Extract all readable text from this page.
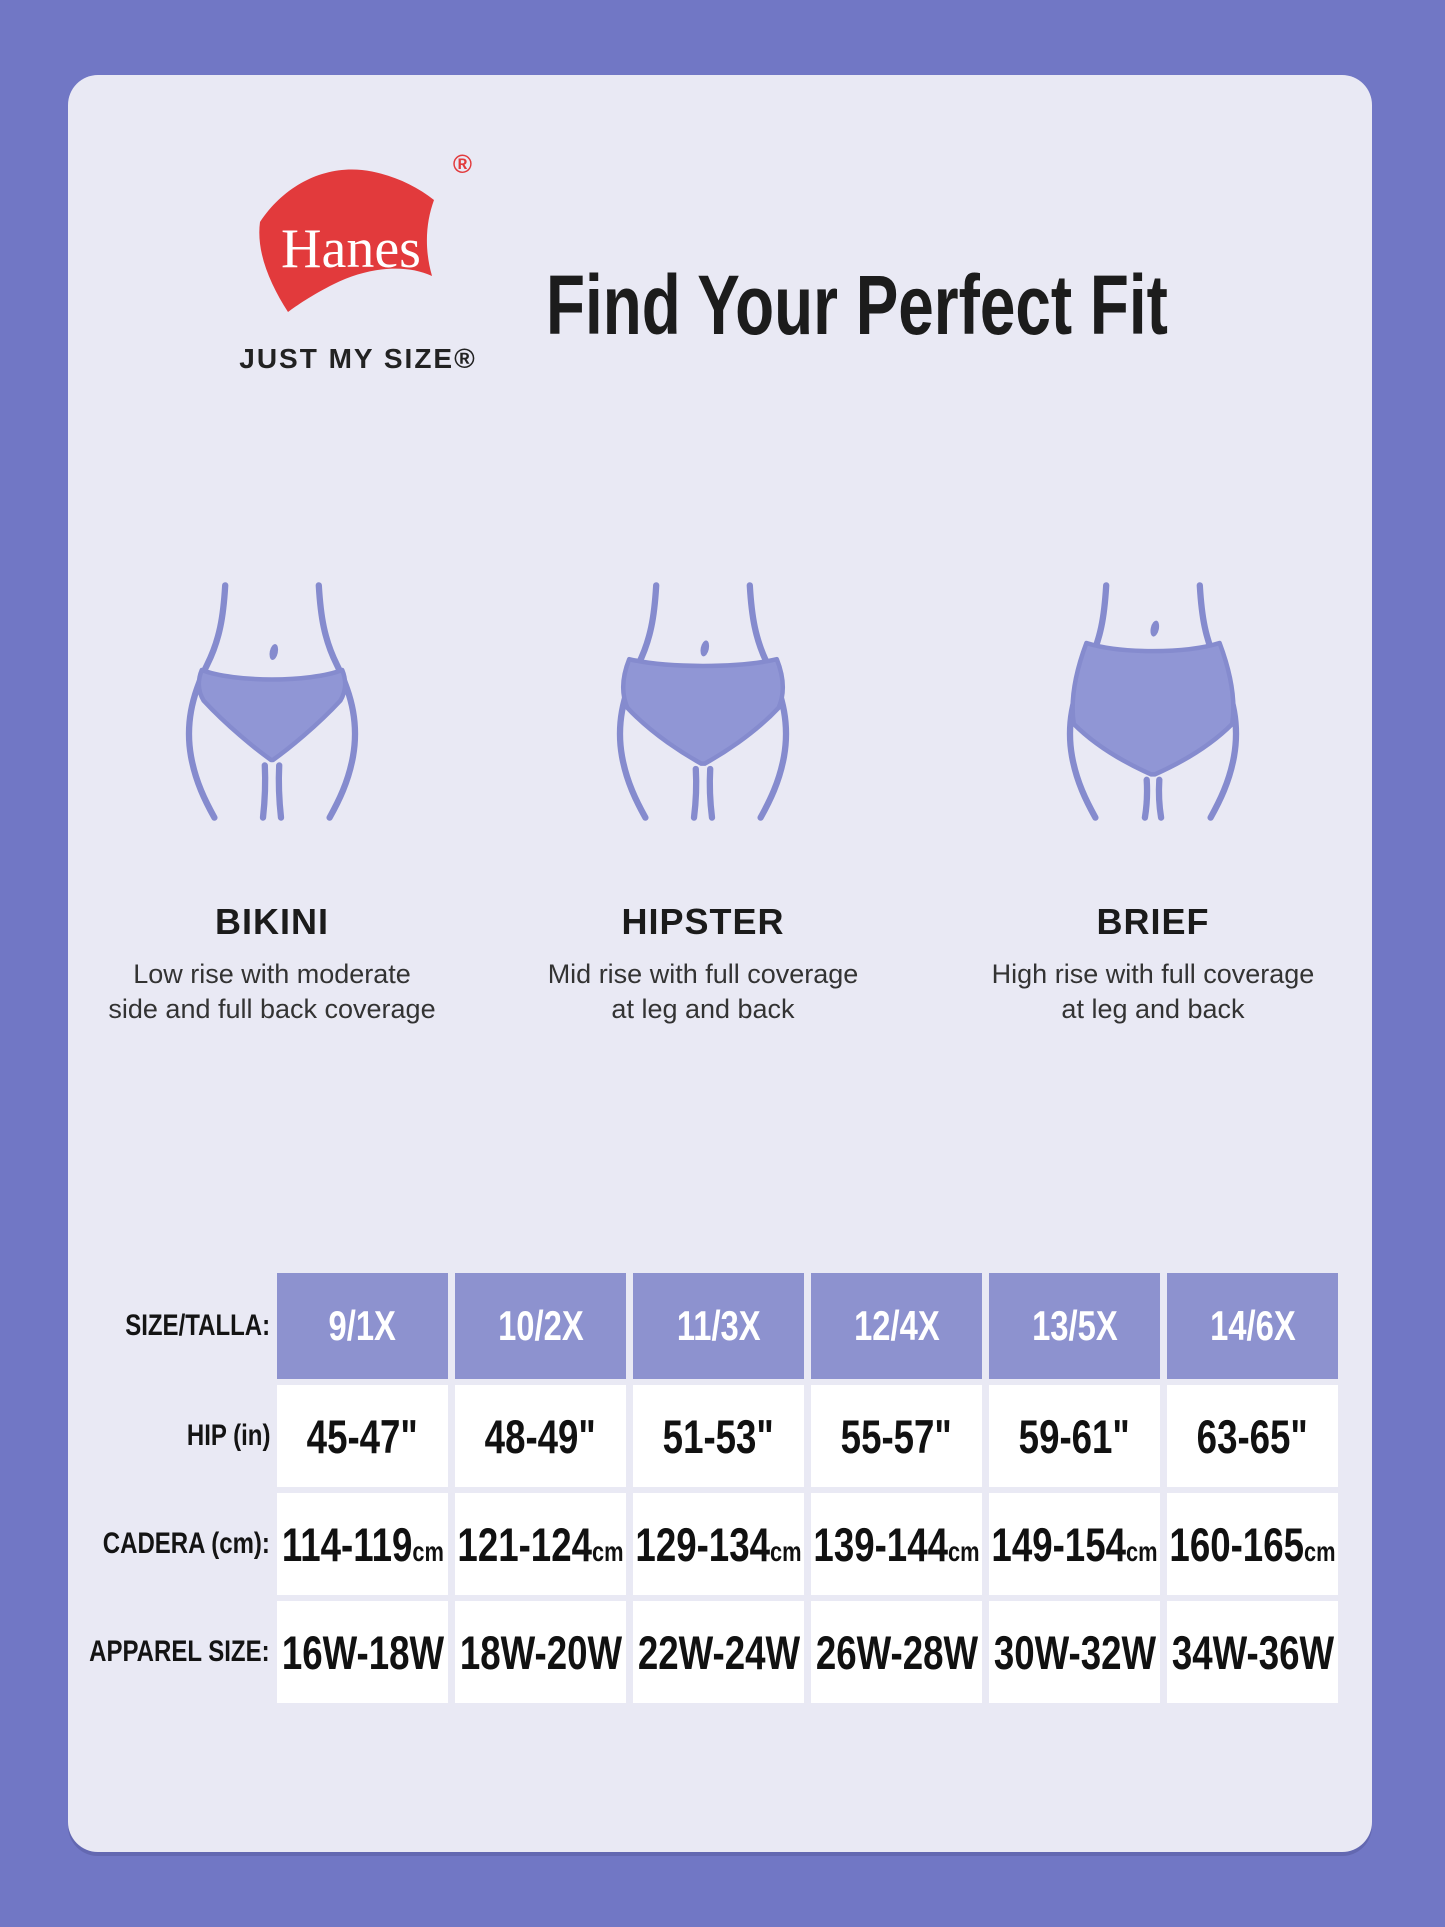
Hanes
®
JUST MY SIZE®
Find Your Perfect Fit
BIKINI
Low rise with moderate side and full back coverage
HIPSTER
Mid rise with full coverage at leg and back
BRIEF
High rise with full coverage at leg and back
SIZE/TALLA: 9/1X 10/2X 11/3X 12/4X 13/5X 14/6X
HIP (in) 45-47" 48-49" 51-53" 55-57" 59-61" 63-65"
CADERA (cm): 114-119cm 121-124cm 129-134cm 139-144cm 149-154cm 160-165cm
APPAREL SIZE: 16W-18W 18W-20W 22W-24W 26W-28W 30W-32W 34W-36W
